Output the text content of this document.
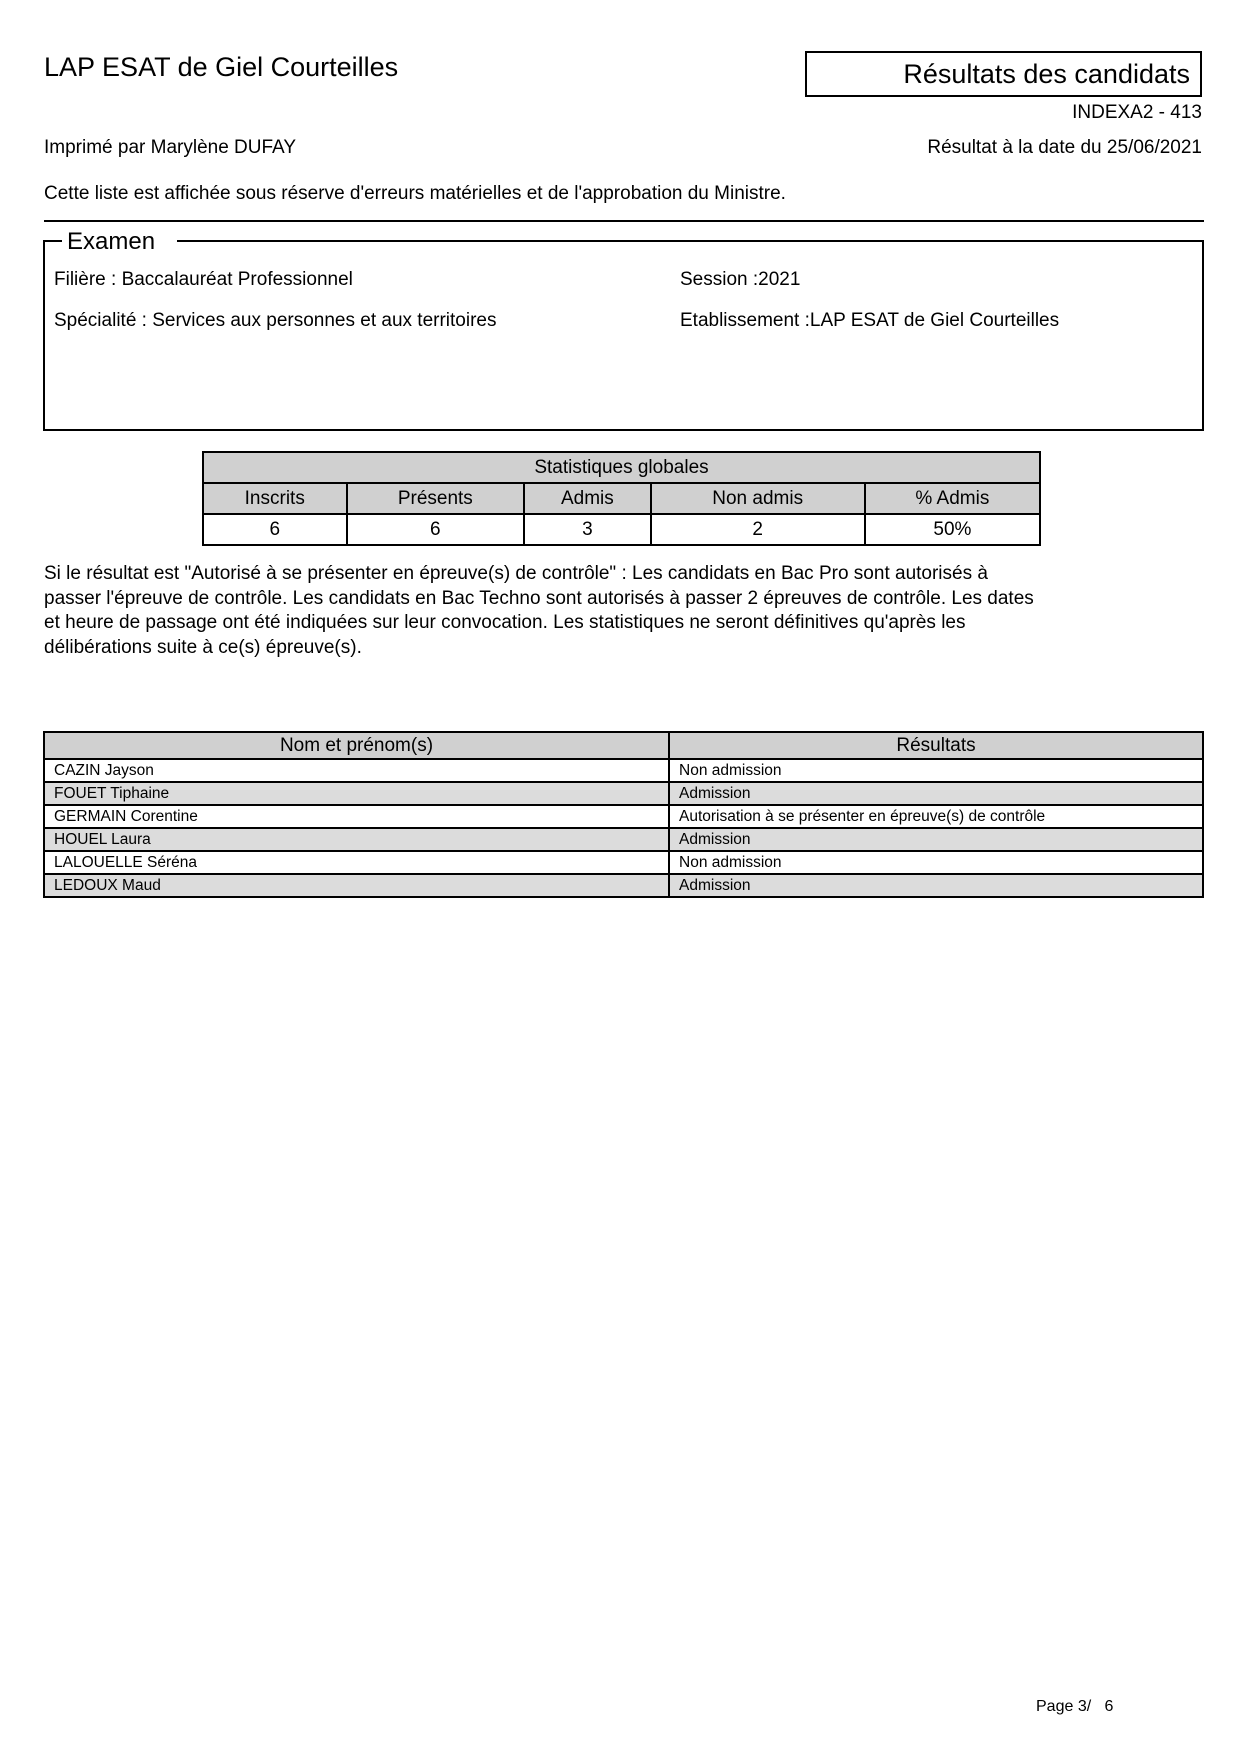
LAP ESAT de Giel Courteilles	Résultats des candidats
INDEXA2 - 413
Imprimé par Marylène DUFAY	Résultat à la date du 25/06/2021
Cette liste est affichée sous réserve d'erreurs matérielles et de l'approbation du Ministre.
Examen
Filière : Baccalauréat Professionnel
Spécialité : Services aux personnes et aux territoires
Session :2021
Etablissement :LAP ESAT de Giel Courteilles
Statistiques globales				
Inscrits	Présents	Admis	Non admis	% Admis
6	6	3	2	50%
Si le résultat est "Autorisé à se présenter en épreuve(s) de contrôle" : Les candidats en Bac Pro sont autorisés à passer l'épreuve de contrôle. Les candidats en Bac Techno sont autorisés à passer 2 épreuves de contrôle. Les dates et heure de passage ont été indiquées sur leur convocation. Les statistiques ne seront définitives qu'après les délibérations suite à ce(s) épreuve(s).
Nom et prénom(s)	Résultats
CAZIN Jayson	Non admission
FOUET Tiphaine	Admission
GERMAIN Corentine	Autorisation à se présenter en épreuve(s) de contrôle
HOUEL Laura	Admission
LALOUELLE Séréna	Non admission
LEDOUX Maud	Admission
Page 3/   6
